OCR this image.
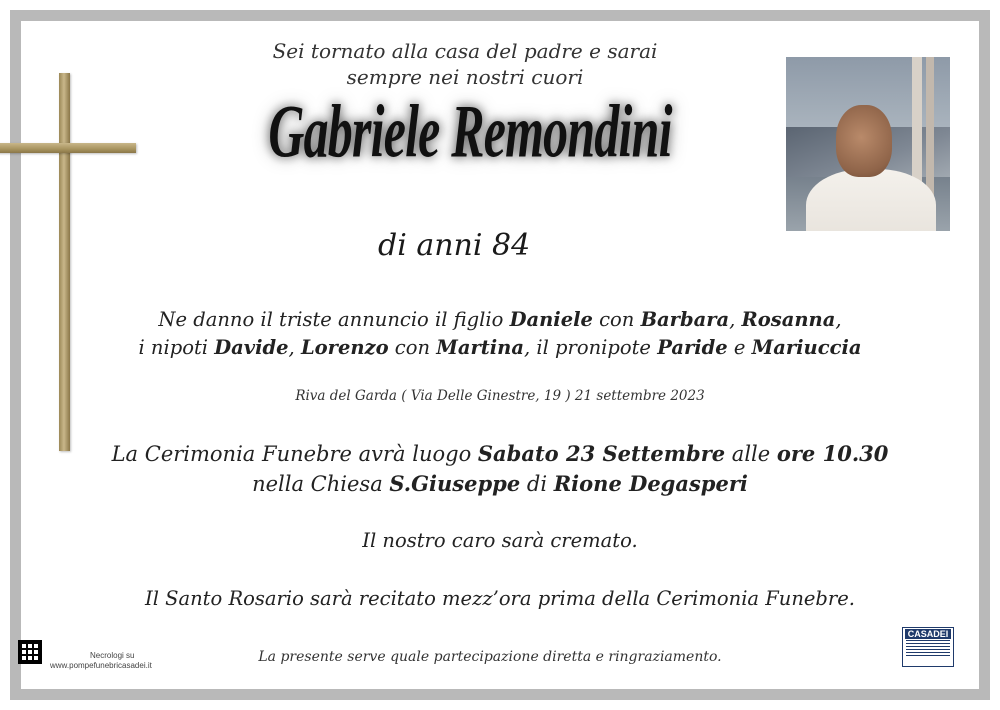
Sei tornato alla casa del padre e sarai
sempre nei nostri cuori
Gabriele Remondini
di anni 84
Ne danno il triste annuncio il figlio Daniele con Barbara, Rosanna,
i nipoti Davide, Lorenzo con Martina, il pronipote Paride e Mariuccia
Riva del Garda ( Via Delle Ginestre, 19 ) 21 settembre 2023
La Cerimonia Funebre avrà luogo Sabato 23 Settembre alle ore 10.30
nella Chiesa S.Giuseppe di Rione Degasperi
Il nostro caro sarà cremato.
Il Santo Rosario sarà recitato mezz’ora prima della Cerimonia Funebre.
La presente serve quale partecipazione diretta e ringraziamento.
Necrologi su
www.pompefunebricasadei.it
CASADEI
